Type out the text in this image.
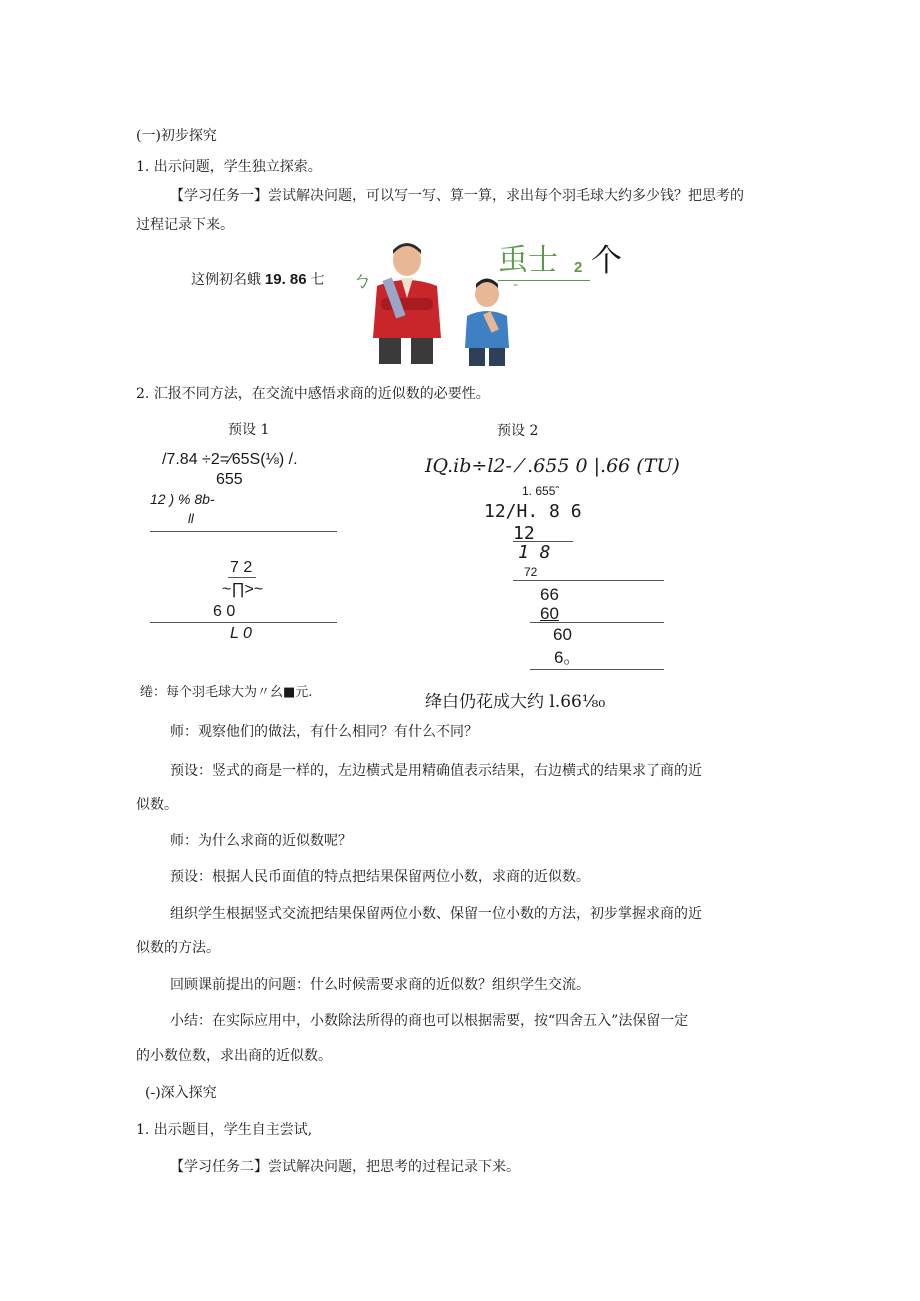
(一)初步探究
1. 出示问题，学生独立探索。
【学习任务一】尝试解决问题，可以写一写、算一算，求出每个羽毛球大约多少钱？把思考的
过程记录下来。
这例初名蛾 19. 86 七 ㄅ
䖝士 2 个
ˉ
2. 汇报不同方法，在交流中感悟求商的近似数的必要性。
预设 1
/7.84 ÷2=⁄65S(⅛) /.
655
12 ) % 8b-
ll
7 2
~∏>~
6 0
L 0
预设 2
IQ.ib÷l2- ⁄ .655 0 |.66 (TU)
1. 655ˆ
12/H. 8 6
12
1 8
72
66
60
60
6。
绻：每个羽毛球大为〃幺■元.	绛白仍花成大约 l.66⅛₀
师：观察他们的做法，有什么相同？有什么不同？
预设：竖式的商是一样的，左边横式是用精确值表示结果，右边横式的结果求了商的近
似数。
师：为什么求商的近似数呢？
预设：根据人民币面值的特点把结果保留两位小数，求商的近似数。
组织学生根据竖式交流把结果保留两位小数、保留一位小数的方法，初步掌握求商的近
似数的方法。
回顾课前提出的问题：什么时候需要求商的近似数？组织学生交流。
小结：在实际应用中，小数除法所得的商也可以根据需要，按“四舍五入”法保留一定
的小数位数，求出商的近似数。
(-)深入探究
1. 出示题目，学生自主尝试,
【学习任务二】尝试解决问题，把思考的过程记录下来。
